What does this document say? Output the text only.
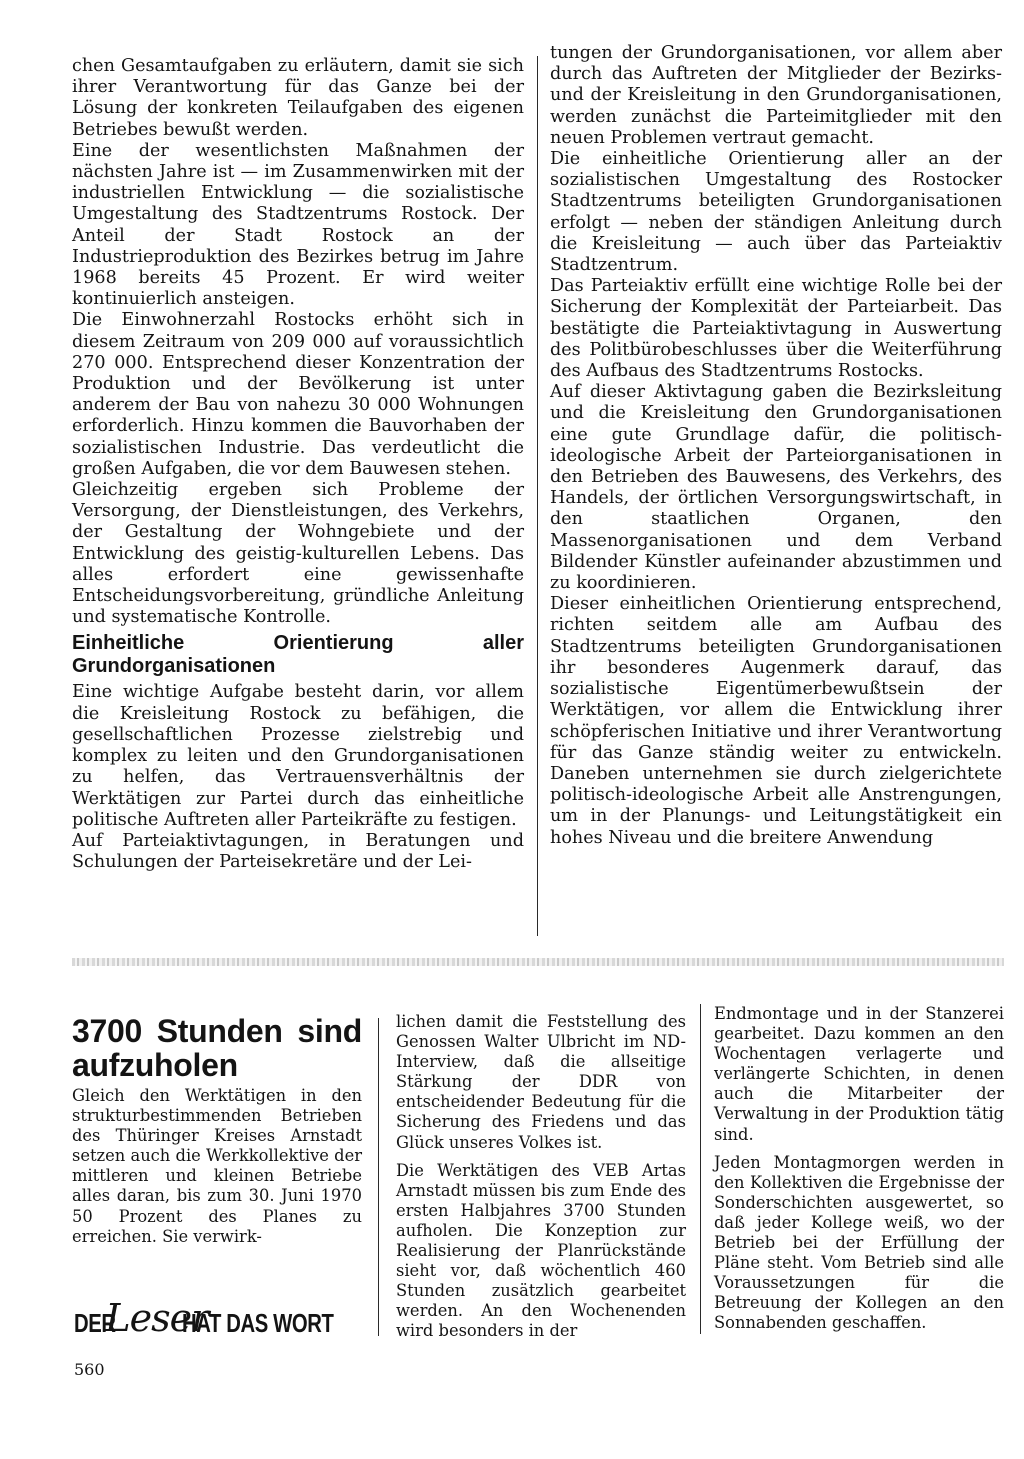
chen Gesamtaufgaben zu erläutern, damit sie sich ihrer Verantwortung für das Ganze bei der Lösung der konkreten Teilaufgaben des eigenen Betriebes bewußt werden.

Eine der wesentlichsten Maßnahmen der nächsten Jahre ist — im Zusammenwirken mit der industriellen Entwicklung — die sozialistische Umgestaltung des Stadtzentrums Rostock. Der Anteil der Stadt Rostock an der Industrieproduktion des Bezirkes betrug im Jahre 1968 bereits 45 Prozent. Er wird weiter kontinuierlich ansteigen.

Die Einwohnerzahl Rostocks erhöht sich in diesem Zeitraum von 209 000 auf voraussichtlich 270 000. Entsprechend dieser Konzentration der Produktion und der Bevölkerung ist unter anderem der Bau von nahezu 30 000 Wohnungen erforderlich. Hinzu kommen die Bauvorhaben der sozialistischen Industrie. Das verdeutlicht die großen Aufgaben, die vor dem Bauwesen stehen.

Gleichzeitig ergeben sich Probleme der Versorgung, der Dienstleistungen, des Verkehrs, der Gestaltung der Wohngebiete und der Entwicklung des geistig-kulturellen Lebens. Das alles erfordert eine gewissenhafte Entscheidungsvorbereitung, gründliche Anleitung und systematische Kontrolle.

Einheitliche Orientierung aller Grundorganisationen

Eine wichtige Aufgabe besteht darin, vor allem die Kreisleitung Rostock zu befähigen, die gesellschaftlichen Prozesse zielstrebig und komplex zu leiten und den Grundorganisationen zu helfen, das Vertrauensverhältnis der Werktätigen zur Partei durch das einheitliche politische Auftreten aller Parteikräfte zu festigen.

Auf Parteiaktivtagungen, in Beratungen und Schulungen der Parteisekretäre und der Lei-

tungen der Grundorganisationen, vor allem aber durch das Auftreten der Mitglieder der Bezirks- und der Kreisleitung in den Grundorganisationen, werden zunächst die Parteimitglieder mit den neuen Problemen vertraut gemacht.

Die einheitliche Orientierung aller an der sozialistischen Umgestaltung des Rostocker Stadtzentrums beteiligten Grundorganisationen erfolgt — neben der ständigen Anleitung durch die Kreisleitung — auch über das Parteiaktiv Stadtzentrum.

Das Parteiaktiv erfüllt eine wichtige Rolle bei der Sicherung der Komplexität der Parteiarbeit. Das bestätigte die Parteiaktivtagung in Auswertung des Politbürobeschlusses über die Weiterführung des Aufbaus des Stadtzentrums Rostocks.

Auf dieser Aktivtagung gaben die Bezirksleitung und die Kreisleitung den Grundorganisationen eine gute Grundlage dafür, die politisch-ideologische Arbeit der Parteiorganisationen in den Betrieben des Bauwesens, des Verkehrs, des Handels, der örtlichen Versorgungswirtschaft, in den staatlichen Organen, den Massenorganisationen und dem Verband Bildender Künstler aufeinander abzustimmen und zu koordinieren.

Dieser einheitlichen Orientierung entsprechend, richten seitdem alle am Aufbau des Stadtzentrums beteiligten Grundorganisationen ihr besonderes Augenmerk darauf, das sozialistische Eigentümerbewußtsein der Werktätigen, vor allem die Entwicklung ihrer schöpferischen Initiative und ihrer Verantwortung für das Ganze ständig weiter zu entwickeln. Daneben unternehmen sie durch zielgerichtete politisch-ideologische Arbeit alle Anstrengungen, um in der Planungs- und Leitungstätigkeit ein hohes Niveau und die breitere Anwendung

3700 Stunden sind aufzuholen

Gleich den Werktätigen in den strukturbestimmenden Betrieben des Thüringer Kreises Arnstadt setzen auch die Werkkollektive der mittleren und kleinen Betriebe alles daran, bis zum 30. Juni 1970 50 Prozent des Planes zu erreichen. Sie verwirk-

lichen damit die Feststellung des Genossen Walter Ulbricht im ND-Interview, daß die allseitige Stärkung der DDR von entscheidender Bedeutung für die Sicherung des Friedens und das Glück unseres Volkes ist.

Die Werktätigen des VEB Artas Arnstadt müssen bis zum Ende des ersten Halbjahres 3700 Stunden aufholen. Die Konzeption zur Realisierung der Planrückstände sieht vor, daß wöchentlich 460 Stunden zusätzlich gearbeitet werden. An den Wochenenden wird besonders in der

Endmontage und in der Stanzerei gearbeitet. Dazu kommen an den Wochentagen verlagerte und verlängerte Schichten, in denen auch die Mitarbeiter der Verwaltung in der Produktion tätig sind.

Jeden Montagmorgen werden in den Kollektiven die Ergebnisse der Sonderschichten ausgewertet, so daß jeder Kollege weiß, wo der Betrieb bei der Erfüllung der Pläne steht. Vom Betrieb sind alle Voraussetzungen für die Betreuung der Kollegen an den Sonnabenden geschaffen.

DER
Leser
HAT DAS WORT
560
